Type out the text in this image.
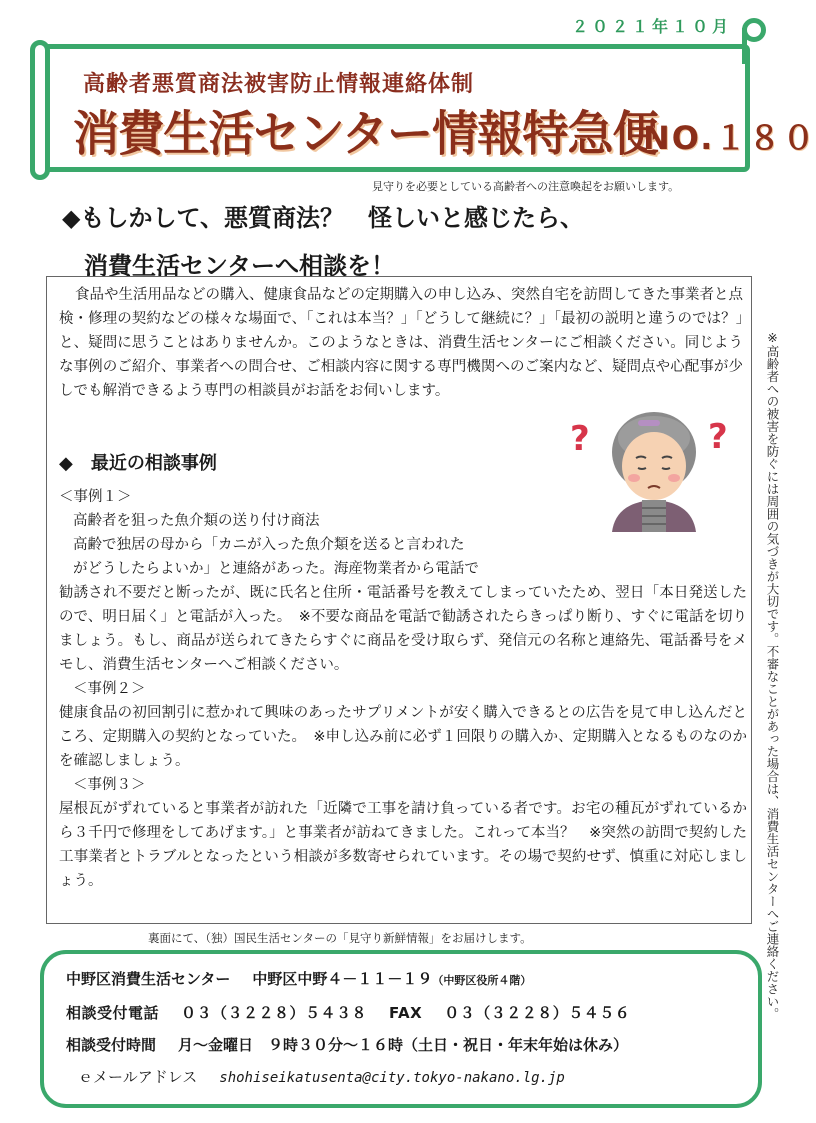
２０２１年１０月
高齢者悪質商法被害防止情報連絡体制
消費生活センター情報特急便
NO.１８０
見守りを必要としている高齢者への注意喚起をお願いします。
◆もしかして、悪質商法？　怪しいと感じたら、
消費生活センターへ相談を！
食品や生活用品などの購入、健康食品などの定期購入の申し込み、突然自宅を訪問してきた事業者と点検・修理の契約などの様々な場面で、「これは本当？」「どうして継続に？」「最初の説明と違うのでは？」と、疑問に思うことはありませんか。このようなときは、消費生活センターにご相談ください。同じような事例のご紹介、事業者への問合せ、ご相談内容に関する専門機関へのご案内など、疑問点や心配事が少しでも解消できるよう専門の相談員がお話をお伺いします。
◆　最近の相談事例

＜事例１＞

高齢者を狙った魚介類の送り付け商法

高齢で独居の母から「カニが入った魚介類を送ると言われた

がどうしたらよいか」と連絡があった。海産物業者から電話で

勧誘され不要だと断ったが、既に氏名と住所・電話番号を教えてしまっていたため、翌日「本日発送したので、明日届く」と電話が入った。　※不要な商品を電話で勧誘されたらきっぱり断り、すぐに電話を切りましょう。もし、商品が送られてきたらすぐに商品を受け取らず、発信元の名称と連絡先、電話番号をメモし、消費生活センターへご相談ください。

＜事例２＞

健康食品の初回割引に惹かれて興味のあったサプリメントが安く購入できるとの広告を見て申し込んだところ、定期購入の契約となっていた。　※申し込み前に必ず１回限りの購入か、定期購入となるものなのかを確認しましょう。

＜事例３＞

屋根瓦がずれていると事業者が訪れた「近隣で工事を請け負っている者です。お宅の種瓦がずれているから３千円で修理をしてあげます。」と事業者が訪ねてきました。これって本当？　※突然の訪問で契約した工事業者とトラブルとなったという相談が多数寄せられています。その場で契約せず、慎重に対応しましょう。

?	?	※高齢者への被害を防ぐには周囲の気づきが大切です。不審なことがあった場合は、消費生活センターへご連絡ください。
裏面にて、（独）国民生活センターの「見守り新鮮情報」をお届けします。
中野区消費生活センター 中野区中野４－１１－１９（中野区役所４階）
相談受付電話 ０３（３２２８）５４３８ FAX ０３（３２２８）５４５６
相談受付時間 月～金曜日　９時３０分～１６時（土日・祝日・年末年始は休み）
ｅメールアドレス shohiseikatusenta@city.tokyo-nakano.lg.jp
